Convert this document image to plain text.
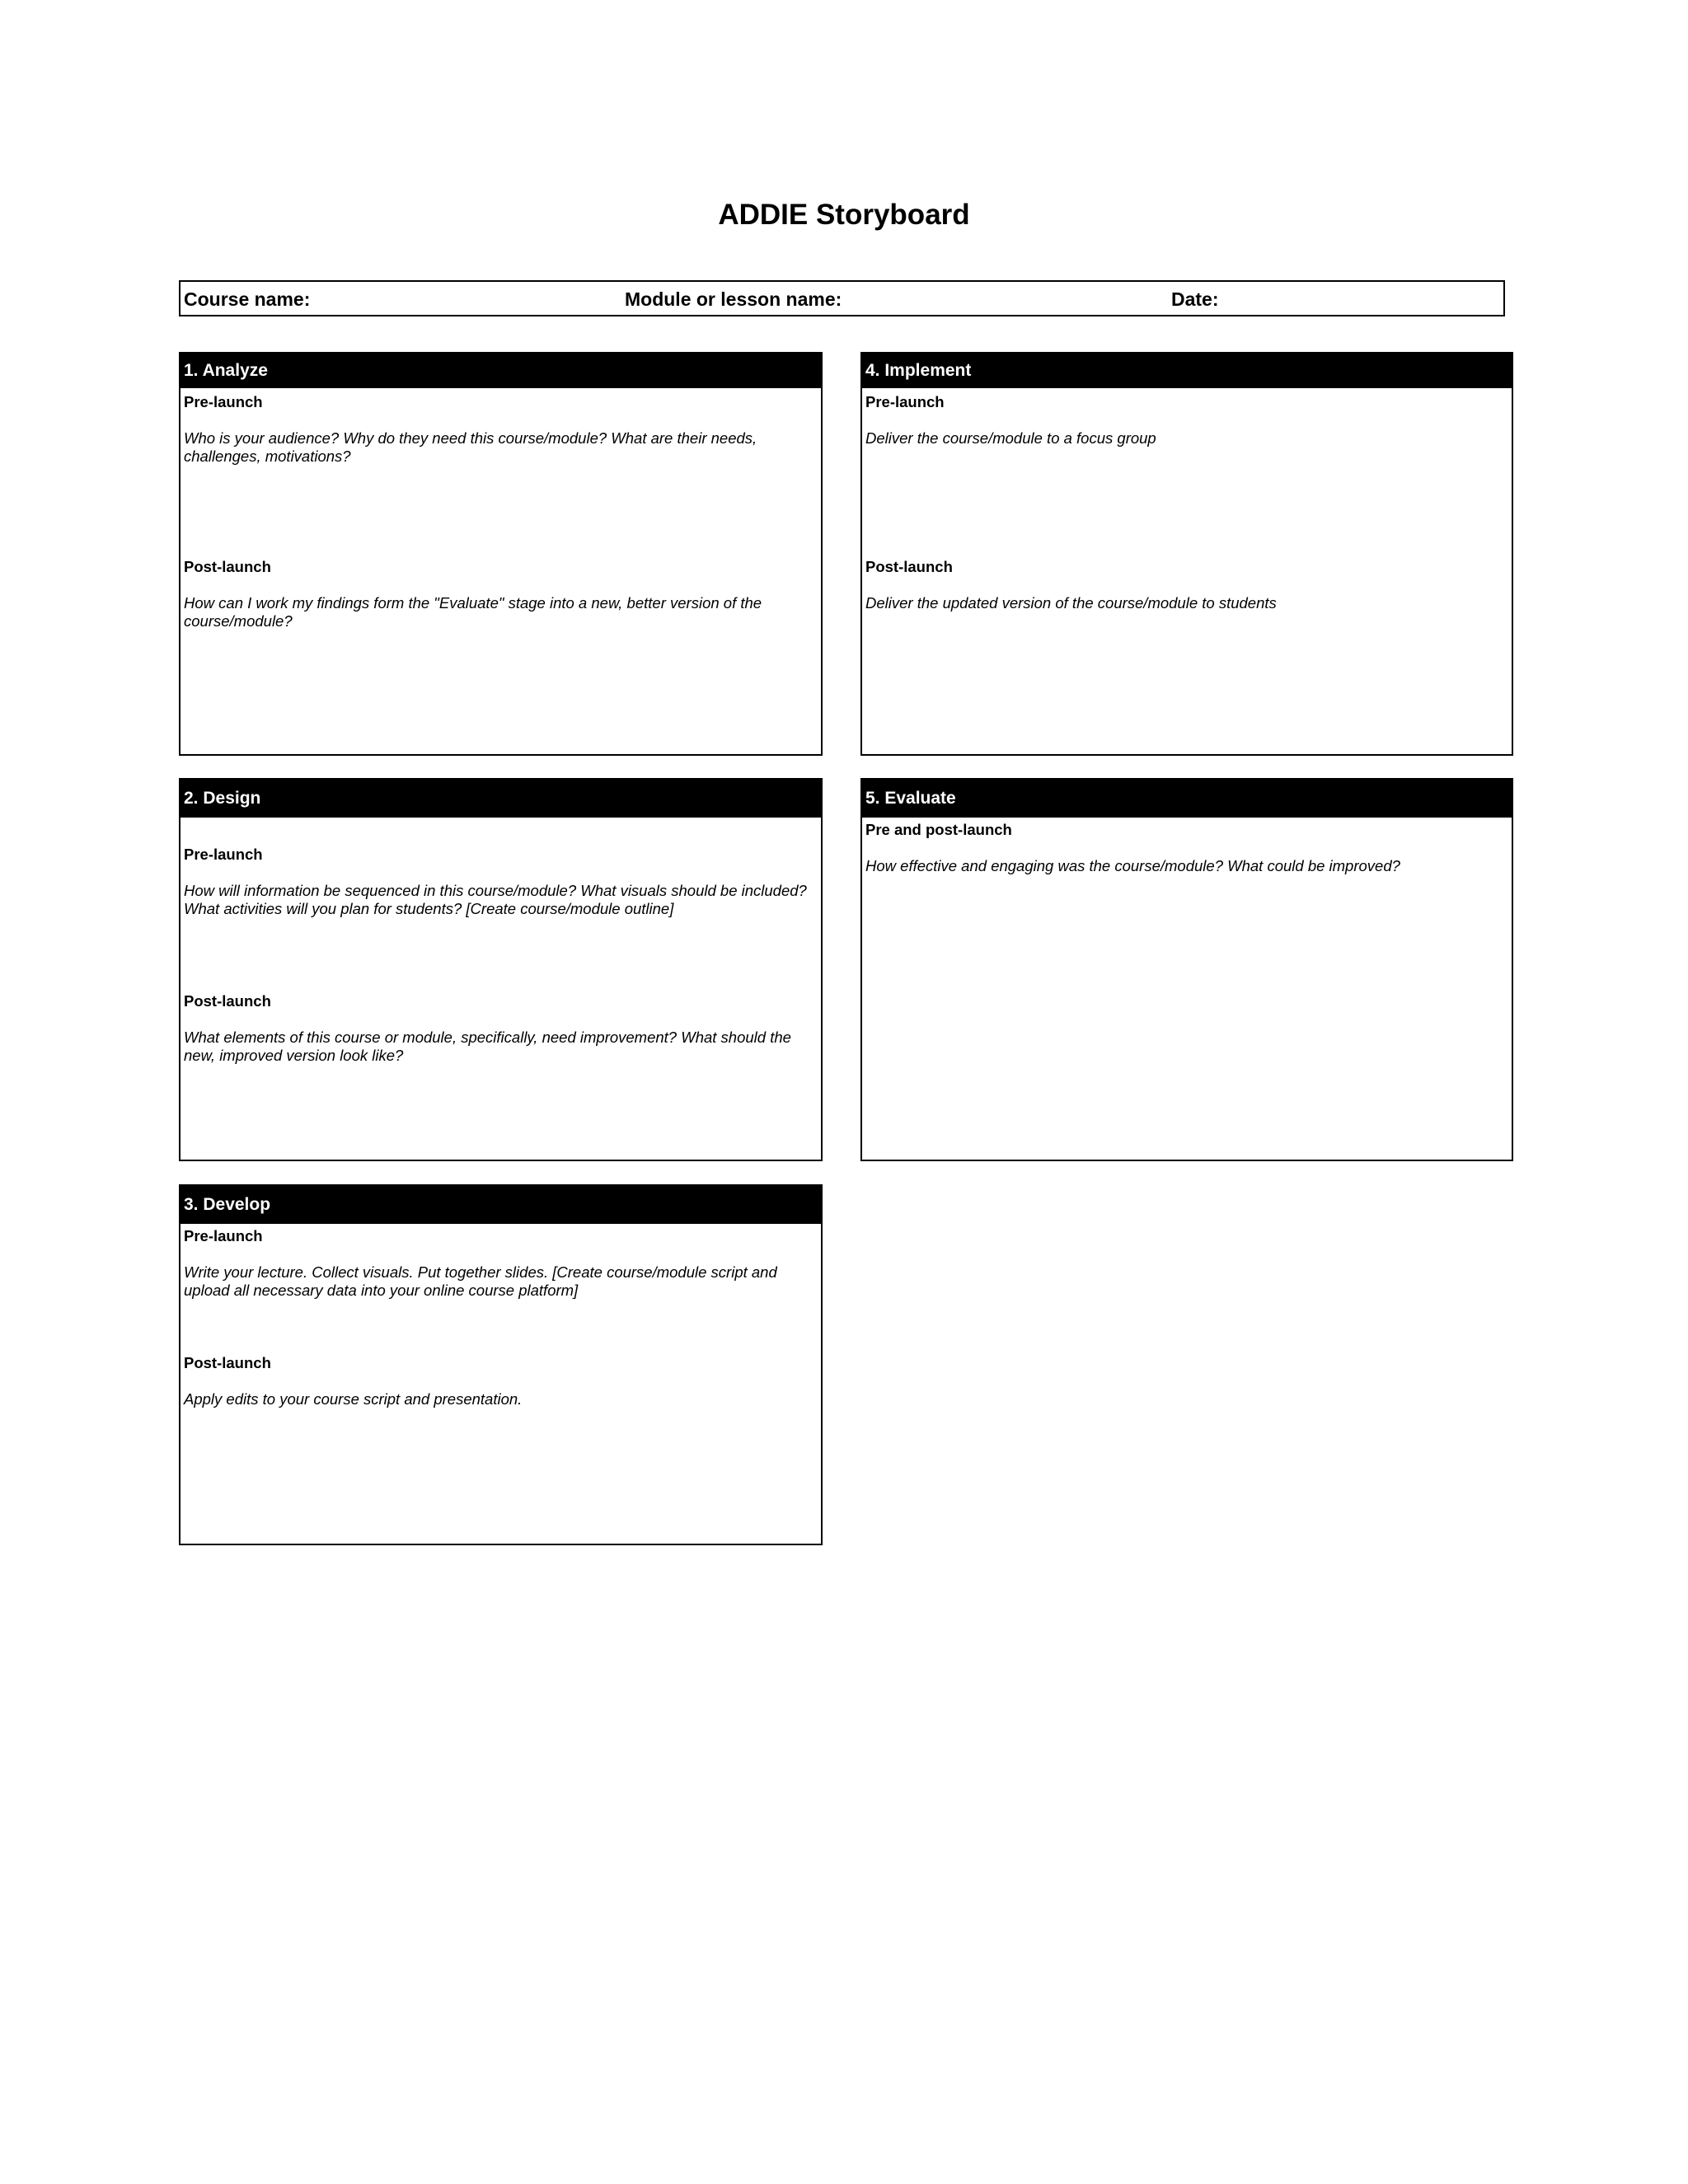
ADDIE Storyboard
Course name:	Module or lesson name:	Date:
1. Analyze
Pre-launch
Who is your audience? Why do they need this course/module? What are their needs, challenges, motivations?
Post-launch
How can I work my findings form the "Evaluate" stage into a new, better version of the course/module?
4. Implement
Pre-launch
Deliver the course/module to a focus group
Post-launch
Deliver the updated version of the course/module to students
2. Design
Pre-launch
How will information be sequenced in this course/module? What visuals should be included? What activities will you plan for students? [Create course/module outline]
Post-launch
What elements of this course or module, specifically, need improvement? What should the new, improved version look like?
5. Evaluate
Pre and post-launch
How effective and engaging was the course/module? What could be improved?
3. Develop
Pre-launch
Write your lecture. Collect visuals. Put together slides. [Create course/module script and upload all necessary data into your online course platform]
Post-launch
Apply edits to your course script and presentation.
